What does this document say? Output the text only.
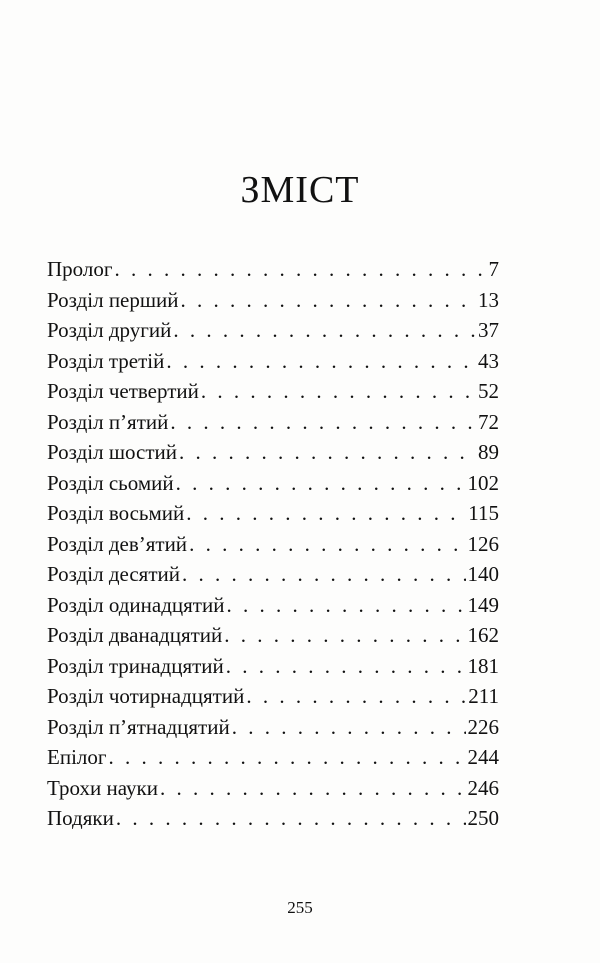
ЗМІСТ
Пролог . . .	7
Розділ перший . . .	13
Розділ другий . . .	37
Розділ третій . . .	43
Розділ четвертий . . .	52
Розділ п’ятий . . .	72
Розділ шостий . . .	89
Розділ сьомий . . .	102
Розділ восьмий . . .	115
Розділ дев’ятий . . .	126
Розділ десятий . . .	140
Розділ одинадцятий . . .	149
Розділ дванадцятий . . .	162
Розділ тринадцятий . . .	181
Розділ чотирнадцятий . . .	211
Розділ п’ятнадцятий . . .	226
Епілог . . .	244
Трохи науки . . .	246
Подяки . . .	250
255
